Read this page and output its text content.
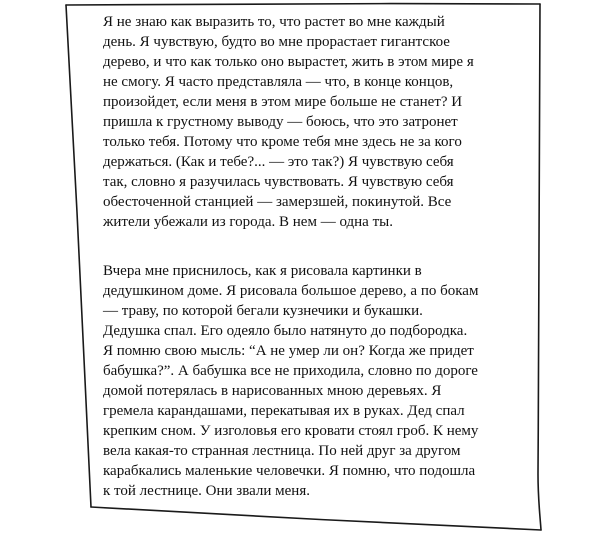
Я не знаю как выразить то, что растет во мне каждый
день. Я чувствую, будто во мне прорастает гигантское
дерево, и что как только оно вырастет, жить в этом мире я
не смогу. Я часто представляла — что, в конце концов,
произойдет, если меня в этом мире больше не станет? И
пришла к грустному выводу — боюсь, что это затронет
только тебя. Потому что кроме тебя мне здесь не за кого
держаться. (Как и тебе?... — это так?) Я чувствую себя
так, словно я разучилась чувствовать. Я чувствую себя
обесточенной станцией — замерзшей, покинутой. Все
жители убежали из города. В нем — одна ты.
Вчера мне приснилось, как я рисовала картинки в
дедушкином доме. Я рисовала большое дерево, а по бокам
— траву, по которой бегали кузнечики и букашки.
Дедушка спал. Его одеяло было натянуто до подбородка.
Я помню свою мысль: “А не умер ли он? Когда же придет
бабушка?”. А бабушка все не приходила, словно по дороге
домой потерялась в нарисованных мною деревьях. Я
гремела карандашами, перекатывая их в руках. Дед спал
крепким сном. У изголовья его кровати стоял гроб. К нему
вела какая-то странная лестница. По ней друг за другом
карабкались маленькие человечки. Я помню, что подошла
к той лестнице. Они звали меня.
